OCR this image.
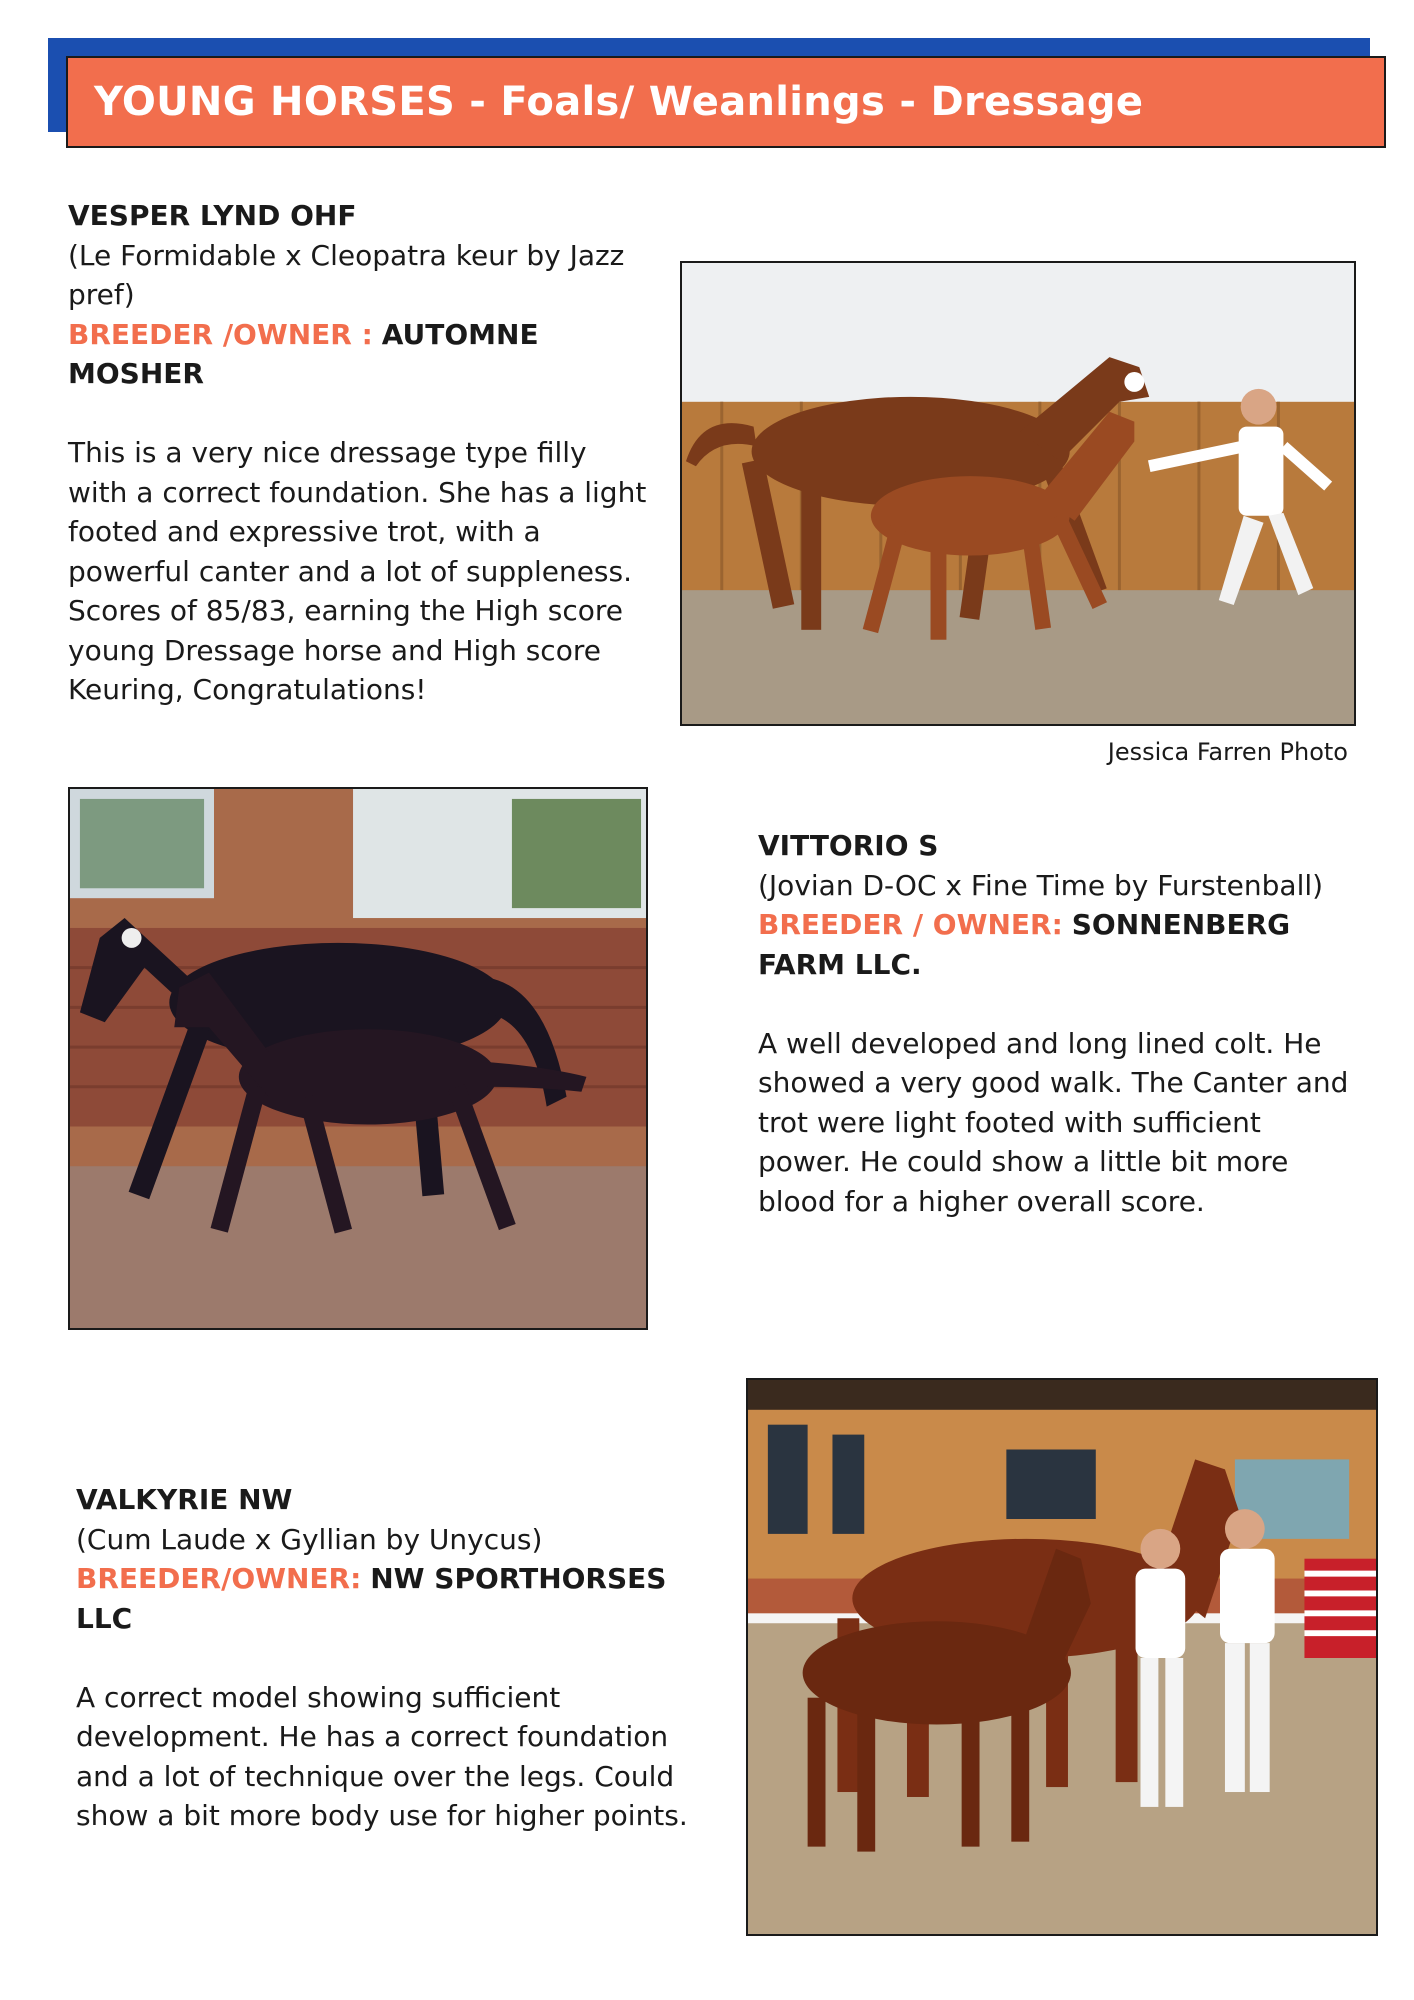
YOUNG HORSES - Foals/ Weanlings - Dressage
VESPER LYND OHF
(Le Formidable x Cleopatra keur by Jazz pref)
BREEDER /OWNER : AUTOMNE MOSHER
This is a very nice dressage type filly with a correct foundation. She has a light footed and expressive trot, with a powerful canter and a lot of suppleness. Scores of 85/83, earning the High score young Dressage horse and High score Keuring, Congratulations!
Jessica Farren Photo
VITTORIO S
(Jovian D-OC x Fine Time by Furstenball)
BREEDER / OWNER: SONNENBERG FARM LLC.
A well developed and long lined colt. He showed a very good walk. The Canter and trot were light footed with sufficient power. He could show a little bit more blood for a higher overall score.
VALKYRIE NW
(Cum Laude x Gyllian by Unycus)
BREEDER/OWNER: NW SPORTHORSES LLC
A correct model showing sufficient development. He has a correct foundation and a lot of technique over the legs. Could show a bit more body use for higher points.
